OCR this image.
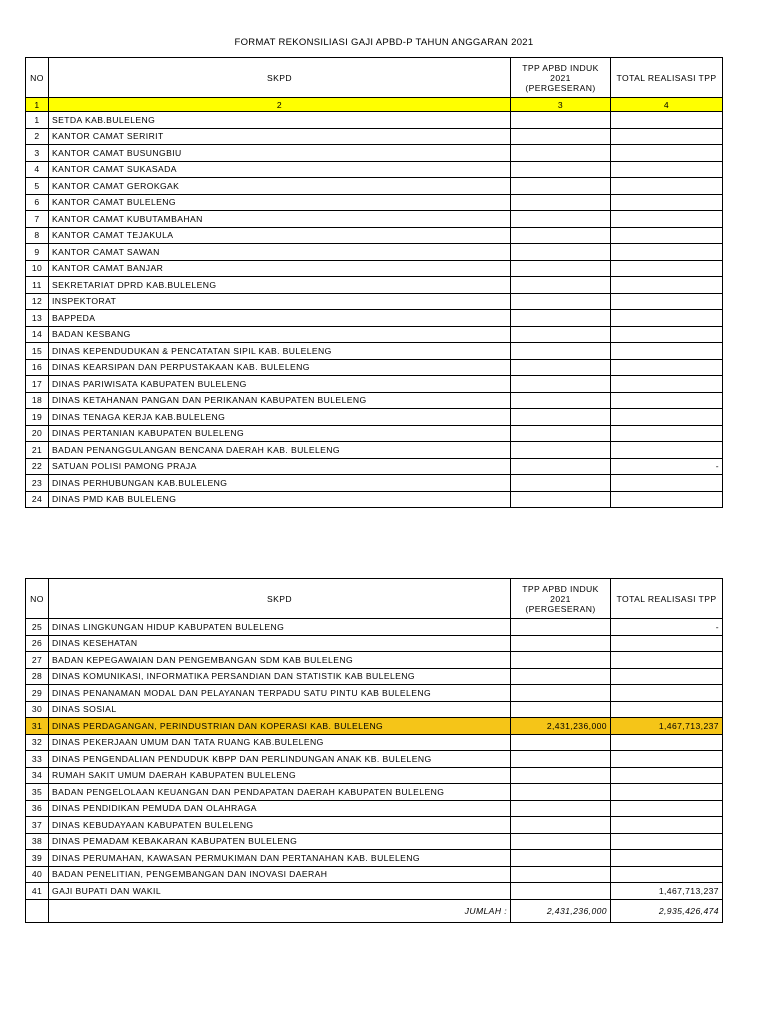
FORMAT REKONSILIASI GAJI APBD-P TAHUN ANGGARAN 2021
NO	SKPD	TPP APBD INDUK 2021 (PERGESERAN)	TOTAL REALISASI TPP
1	2	3	4
1	SETDA KAB.BULELENG		
2	KANTOR CAMAT SERIRIT		
3	KANTOR CAMAT BUSUNGBIU		
4	KANTOR CAMAT SUKASADA		
5	KANTOR CAMAT GEROKGAK		
6	KANTOR CAMAT BULELENG		
7	KANTOR CAMAT KUBUTAMBAHAN		
8	KANTOR CAMAT TEJAKULA		
9	KANTOR CAMAT SAWAN		
10	KANTOR CAMAT BANJAR		
11	SEKRETARIAT DPRD KAB.BULELENG		
12	INSPEKTORAT		
13	BAPPEDA		
14	BADAN KESBANG		
15	DINAS KEPENDUDUKAN & PENCATATAN SIPIL KAB. BULELENG		
16	DINAS KEARSIPAN DAN PERPUSTAKAAN KAB. BULELENG		
17	DINAS PARIWISATA KABUPATEN BULELENG		
18	DINAS KETAHANAN PANGAN DAN PERIKANAN KABUPATEN BULELENG		
19	DINAS TENAGA KERJA KAB.BULELENG		
20	DINAS PERTANIAN KABUPATEN BULELENG		
21	BADAN PENANGGULANGAN BENCANA DAERAH KAB. BULELENG		
22	SATUAN POLISI PAMONG PRAJA		-
23	DINAS PERHUBUNGAN KAB.BULELENG		
24	DINAS PMD KAB BULELENG		
NO	SKPD	TPP APBD INDUK 2021 (PERGESERAN)	TOTAL REALISASI TPP
25	DINAS LINGKUNGAN HIDUP KABUPATEN BULELENG		-
26	DINAS KESEHATAN		
27	BADAN KEPEGAWAIAN DAN PENGEMBANGAN SDM KAB BULELENG		
28	DINAS KOMUNIKASI, INFORMATIKA PERSANDIAN DAN STATISTIK KAB BULELENG		
29	DINAS PENANAMAN MODAL DAN PELAYANAN TERPADU SATU PINTU KAB BULELENG		
30	DINAS SOSIAL		
31	DINAS PERDAGANGAN, PERINDUSTRIAN DAN KOPERASI KAB. BULELENG	2,431,236,000	1,467,713,237
32	DINAS PEKERJAAN UMUM DAN TATA RUANG KAB.BULELENG		
33	DINAS PENGENDALIAN PENDUDUK KBPP DAN PERLINDUNGAN ANAK KB. BULELENG		
34	RUMAH SAKIT UMUM DAERAH KABUPATEN BULELENG		
35	BADAN PENGELOLAAN KEUANGAN DAN PENDAPATAN DAERAH KABUPATEN BULELENG		
36	DINAS PENDIDIKAN PEMUDA DAN OLAHRAGA		
37	DINAS KEBUDAYAAN KABUPATEN BULELENG		
38	DINAS PEMADAM KEBAKARAN KABUPATEN BULELENG		
39	DINAS PERUMAHAN, KAWASAN PERMUKIMAN DAN PERTANAHAN KAB. BULELENG		
40	BADAN PENELITIAN, PENGEMBANGAN DAN INOVASI DAERAH		
41	GAJI BUPATI DAN WAKIL		1,467,713,237
	JUMLAH :	2,431,236,000	2,935,426,474
